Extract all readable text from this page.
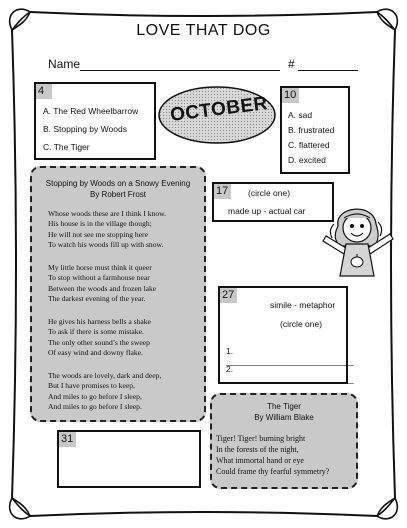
LOVE THAT DOG
Name	#
4
A. The Red Wheelbarrow
B. Stopping by Woods
C. The Tiger
OCTOBER 10
A. sad
B. frustrated
C. flattered
D. excited
Stopping by Woods on a Snowy Evening
By Robert Frost
Whose woods these are I think I know.
His house is in the village though;
He will not see me stopping here
To watch his woods fill up with snow.
My little horse must think it queer
To stop without a farmhouse near
Between the woods and frozen lake
The darkest evening of the year.
He gives his harness bells a shake
To ask if there is some mistake.
The only other sound’s the sweep
Of easy wind and downy flake.
The woods are lovely, dark and deep,
But I have promises to keep,
And miles to go before I sleep,
And miles to go before I sleep.
17	(circle one)
made up - actual car
27
simile - metaphor
(circle one)
1. ___________________________
2. ___________________________
The Tiger
By William Blake
Tiger! Tiger! burning bright
In the forests of the night,
What immortal hand or eye
Could frame thy fearful symmetry?
31
